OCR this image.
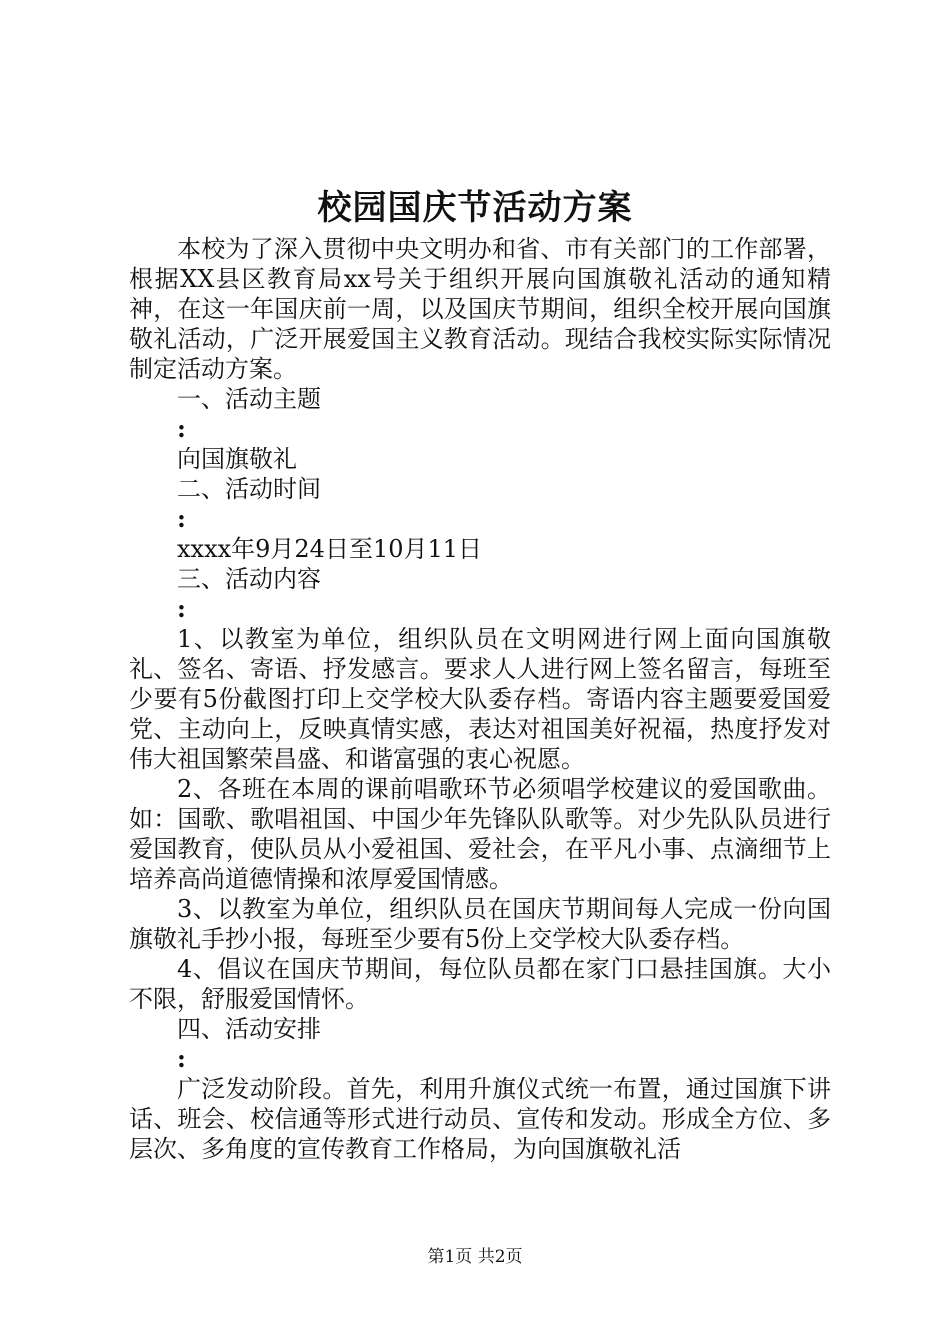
校园国庆节活动方案

本校为了深入贯彻中央文明办和省、市有关部门的工作部署，根据XX县区教育局xx号关于组织开展向国旗敬礼活动的通知精神，在这一年国庆前一周，以及国庆节期间，组织全校开展向国旗敬礼活动，广泛开展爱国主义教育活动。现结合我校实际实际情况制定活动方案。

一、活动主题

:

向国旗敬礼

二、活动时间

:

xxxx年9月24日至10月11日

三、活动内容

:

1、以教室为单位，组织队员在文明网进行网上面向国旗敬礼、签名、寄语、抒发感言。要求人人进行网上签名留言，每班至少要有5份截图打印上交学校大队委存档。寄语内容主题要爱国爱党、主动向上，反映真情实感，表达对祖国美好祝福，热度抒发对伟大祖国繁荣昌盛、和谐富强的衷心祝愿。

2、各班在本周的课前唱歌环节必须唱学校建议的爱国歌曲。如：国歌、歌唱祖国、中国少年先锋队队歌等。对少先队队员进行爱国教育，使队员从小爱祖国、爱社会，在平凡小事、点滴细节上培养高尚道德情操和浓厚爱国情感。

3、以教室为单位，组织队员在国庆节期间每人完成一份向国旗敬礼手抄小报，每班至少要有5份上交学校大队委存档。

4、倡议在国庆节期间，每位队员都在家门口悬挂国旗。大小不限，舒服爱国情怀。

四、活动安排

:

广泛发动阶段。首先，利用升旗仪式统一布置，通过国旗下讲话、班会、校信通等形式进行动员、宣传和发动。形成全方位、多层次、多角度的宣传教育工作格局，为向国旗敬礼活

第1页 共2页
